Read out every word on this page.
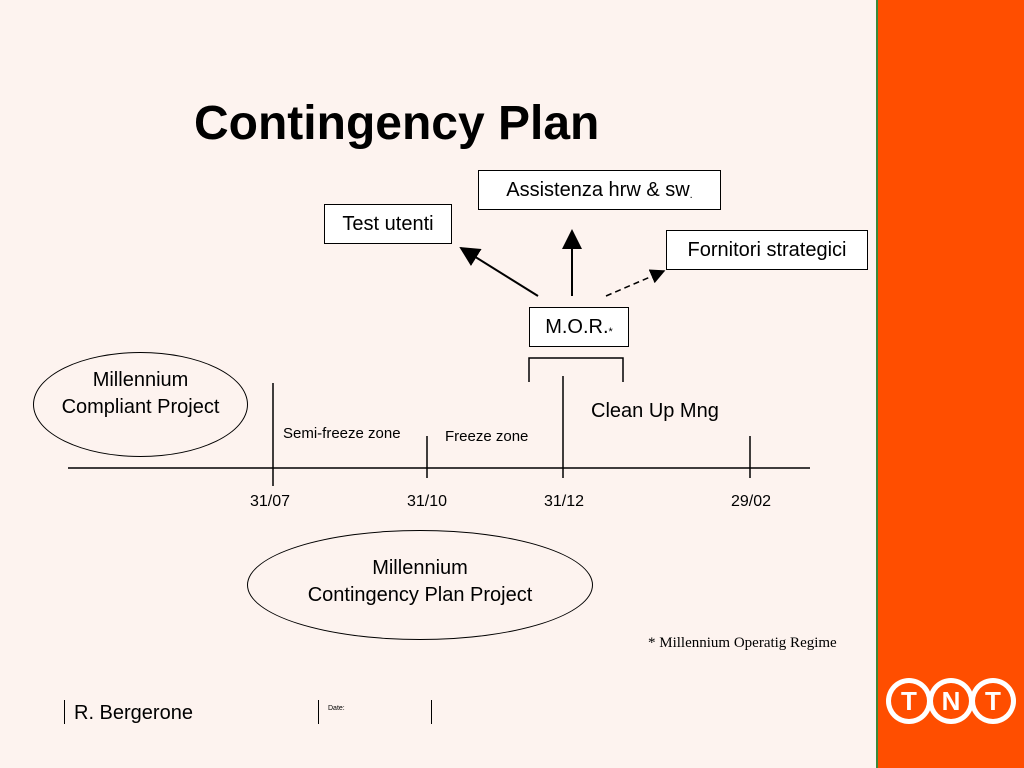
Contingency Plan
Assistenza hrw & sw .
Test utenti
Fornitori strategici
M.O.R. *
Millennium
Compliant Project
Millennium
Contingency Plan Project
Clean Up Mng
Semi-freeze zone	Freeze zone
31/07	31/10	31/12	29/02
* Millennium Operatig Regime
R. Bergerone	Date:	T N T
